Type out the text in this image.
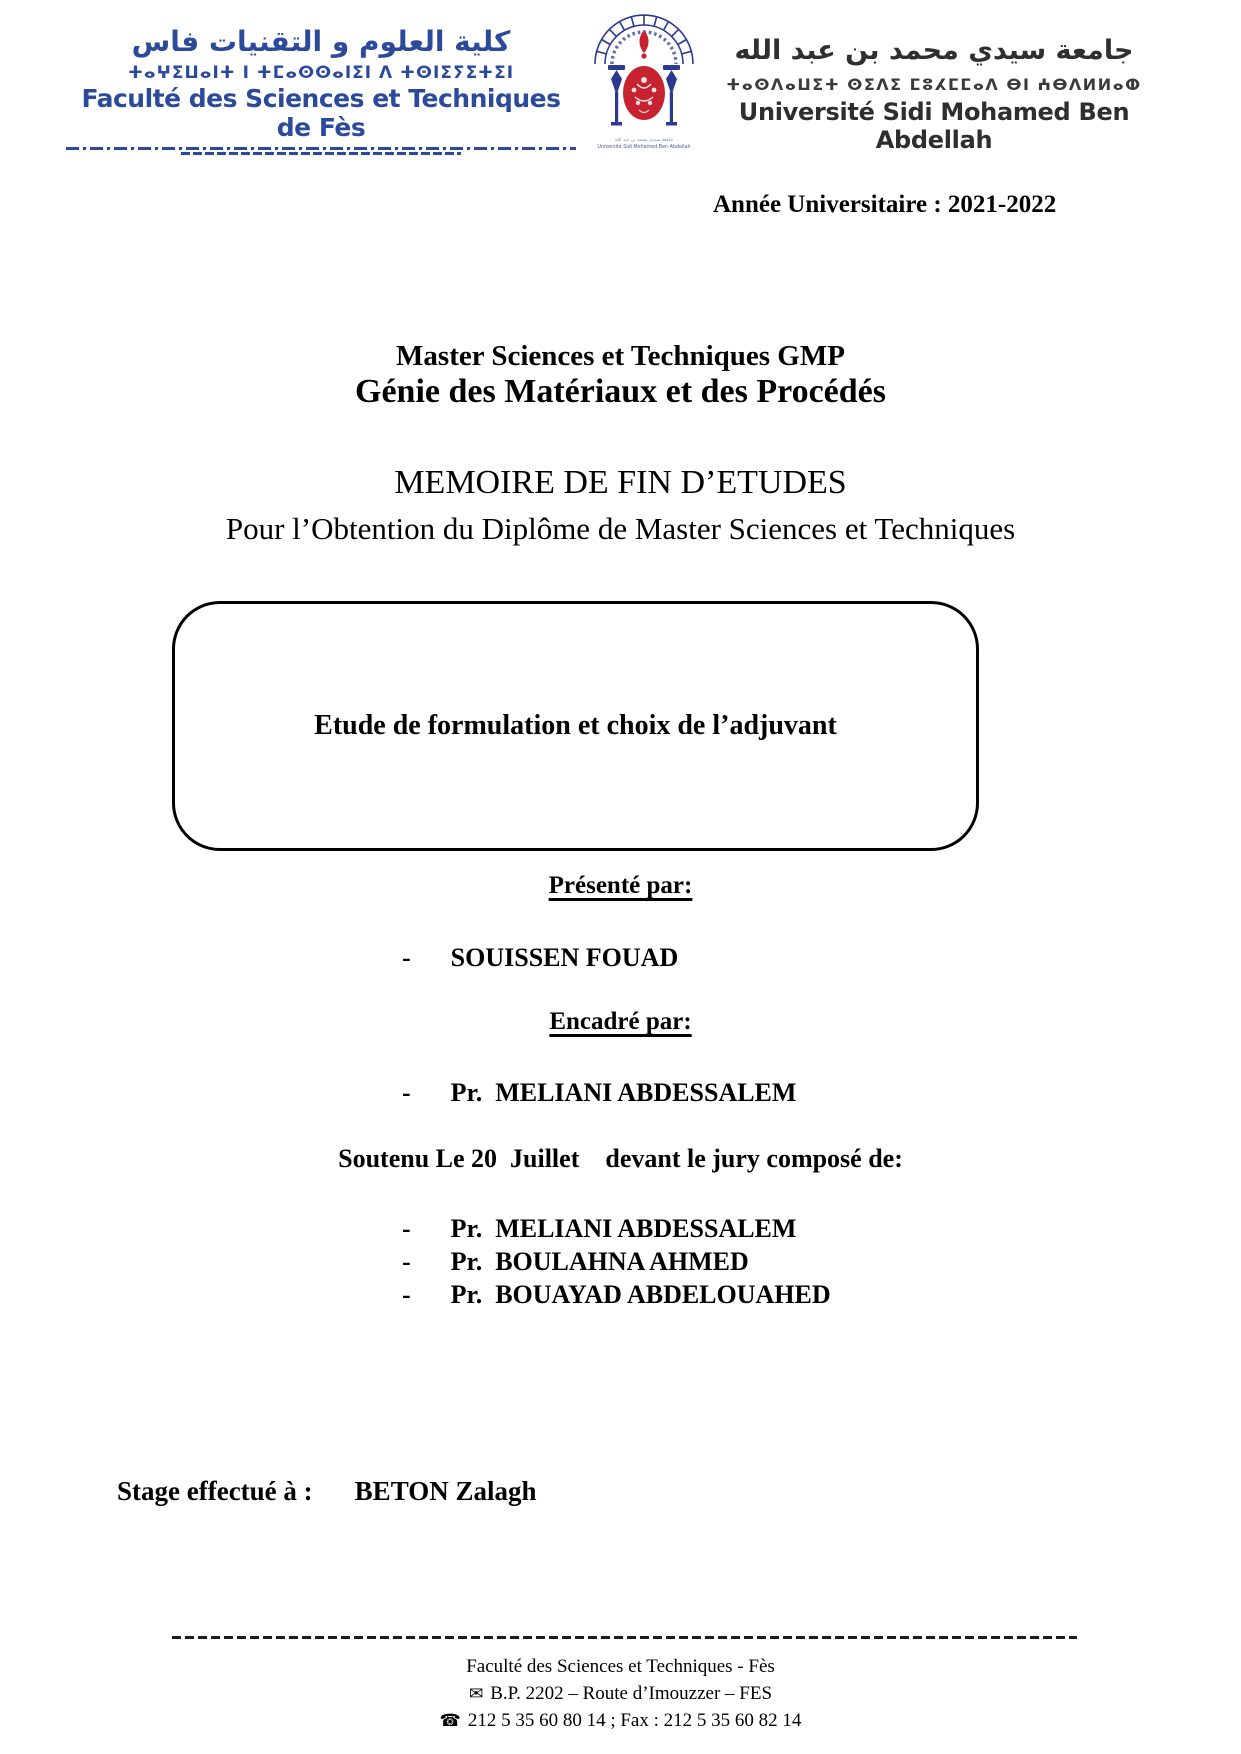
كلية العلوم و التقنيات فاس
ⵜⴰⵖⵉⵡⴰⵏⵜ ⵏ ⵜⵎⴰⵙⵙⴰⵏⵉⵏ ⴷ ⵜⵙⵏⵉⵢⵉⵜⵉⵏ
Faculté des Sciences et Techniques de Fès	جامعة سيدي محمد بن عبد الله
Université Sidi Mohamed Ben Abdellah
جامعة سيدي محمد بن عبد الله
ⵜⴰⵙⴷⴰⵡⵉⵜ ⵙⵉⴷⵉ ⵎⵓⵃⵎⵎⴰⴷ ⴱⵏ ⵄⴱⴷⵍⵍⴰⵀ
Université Sidi Mohamed Ben Abdellah
Année Universitaire : 2021-2022
Master Sciences et Techniques GMP
Génie des Matériaux et des Procédés
MEMOIRE DE FIN D’ETUDES
Pour l’Obtention du Diplôme de Master Sciences et Techniques
Etude de formulation et choix de l’adjuvant
Présenté par:
- SOUISSEN FOUAD
Encadré par:
- Pr.  MELIANI ABDESSALEM
Soutenu Le 20  Juillet    devant le jury composé de:
- Pr.  MELIANI ABDESSALEM
- Pr.  BOULAHNA AHMED
- Pr.  BOUAYAD ABDELOUAHED
Stage effectué à : BETON Zalagh
Faculté des Sciences et Techniques - Fès
✉ B.P. 2202 – Route d’Imouzzer – FES
☎ 212 5 35 60 80 14 ; Fax : 212 5 35 60 82 14
